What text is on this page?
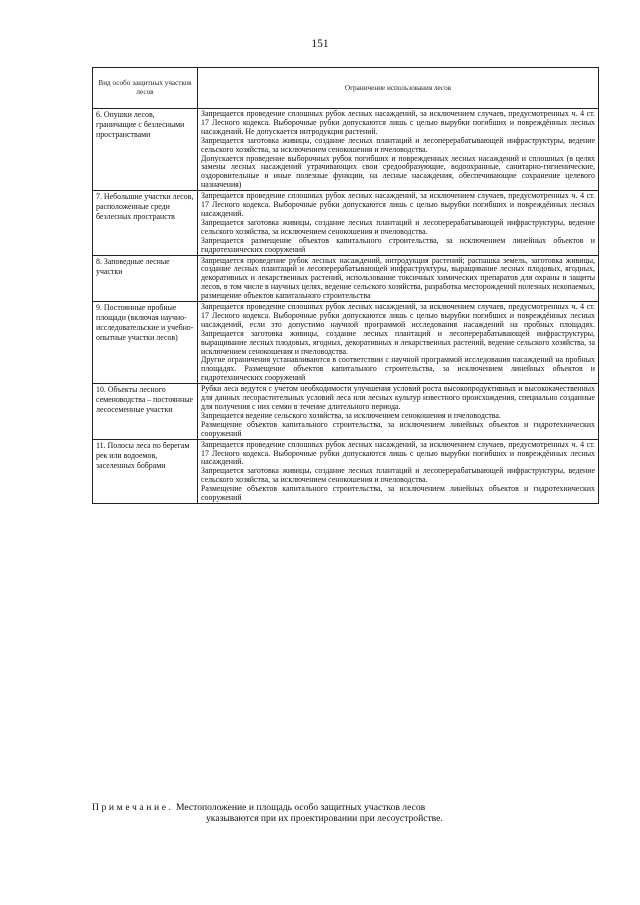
151
Вид особо защитных участков лесов	Ограничение использования лесов
6. Опушки лесов, граничащие с безлесными пространствами	Запрещается проведение сплошных рубок лесных насаждений, за исключением случаев, предусмотренных ч. 4 ст. 17 Лесного кодекса. Выборочные рубки допускаются лишь с целью вырубки погибших и повреждённых лесных насаждений. Не допускается интродукция растений.

Запрещается заготовка живицы, создание лесных плантаций и лесоперерабатывающей инфраструктуры, ведение сельского хозяйства, за исключением сенокошения и пчеловодства.

Допускается проведение выборочных рубок погибших и поврежденных лесных насаждений и сплошных (в целях замены лесных насаждений утрачивающих свои средообразующие, водоохранные, санитарно-гигиенические, оздоровительные и иные полезные функции, на лесные насаждения, обеспечивающие сохранение целевого назначения)

7. Небольшие участки лесов, расположенные среди безлесных пространств	Запрещается проведение сплошных рубок лесных насаждений, за исключением случаев, предусмотренных ч. 4 ст. 17 Лесного кодекса. Выборочные рубки допускаются лишь с целью вырубки погибших и повреждённых лесных насаждений.

Запрещается заготовка живицы, создание лесных плантаций и лесоперерабатывающей инфраструктуры, ведение сельского хозяйства, за исключением сенокошения и пчеловодства.

Запрещается размещение объектов капитального строительства, за исключением линейных объектов и гидротехнических сооружений

8. Заповедные лесные участки	Запрещается проведение рубок лесных насаждений, интродукция растений; распашка земель, заготовка живицы, создание лесных плантаций и лесоперерабатывающей инфраструктуры, выращивание лесных плодовых, ягодных, декоративных и лекарственных растений, использование токсичных химических препаратов для охраны и защиты лесов, в том числе в научных целях, ведение сельского хозяйства, разработка месторождений полезных ископаемых, размещение объектов капитального строительства

9. Постоянные пробные площади (включая научно-исследовательские и учебно-опытные участки лесов)	Запрещается проведение сплошных рубок лесных насаждений, за исключением случаев, предусмотренных ч. 4 ст. 17 Лесного кодекса. Выборочные рубки допускаются лишь с целью вырубки погибших и повреждённых лесных насаждений, если это допустимо научной программой исследования насаждений на пробных площадях. Запрещается заготовка живицы, создание лесных плантаций и лесоперерабатывающей инфраструктуры, выращивание лесных плодовых, ягодных, декоративных и лекарственных растений, ведение сельского хозяйства, за исключением сенокошения и пчеловодства.

Другие ограничения устанавливаются в соответствии с научной программой исследования насаждений на пробных площадях. Размещение объектов капитального строительства, за исключением линейных объектов и гидротехнических сооружений

10. Объекты лесного семеноводства – постоянные лесосеменные участки	Рубки леса ведутся с учетом необходимости улучшения условий роста высокопродуктивных и высококачественных для данных лесорастительных условий леса или лесных культур известного происхождения, специально созданные для получения с них семян в течение длительного периода.

Запрещается ведение сельского хозяйства, за исключением сенокошения и пчеловодства.

Размещение объектов капитального строительства, за исключением линейных объектов и гидротехнических сооружений

11. Полосы леса по берегам рек или водоемов, заселенных бобрами	Запрещается проведение сплошных рубок лесных насаждений, за исключением случаев, предусмотренных ч. 4 ст. 17 Лесного кодекса. Выборочные рубки допускаются лишь с целью вырубки погибших и повреждённых лесных насаждений.

Запрещается заготовка живицы, создание лесных плантаций и лесоперерабатывающей инфраструктуры, ведение сельского хозяйства, за исключением сенокошения и пчеловодства.

Размещение объектов капитального строительства, за исключением линейных объектов и гидротехнических сооружений

Примечание. Местоположение и площадь особо защитных участков лесов
указываются при их проектировании при лесоустройстве.
